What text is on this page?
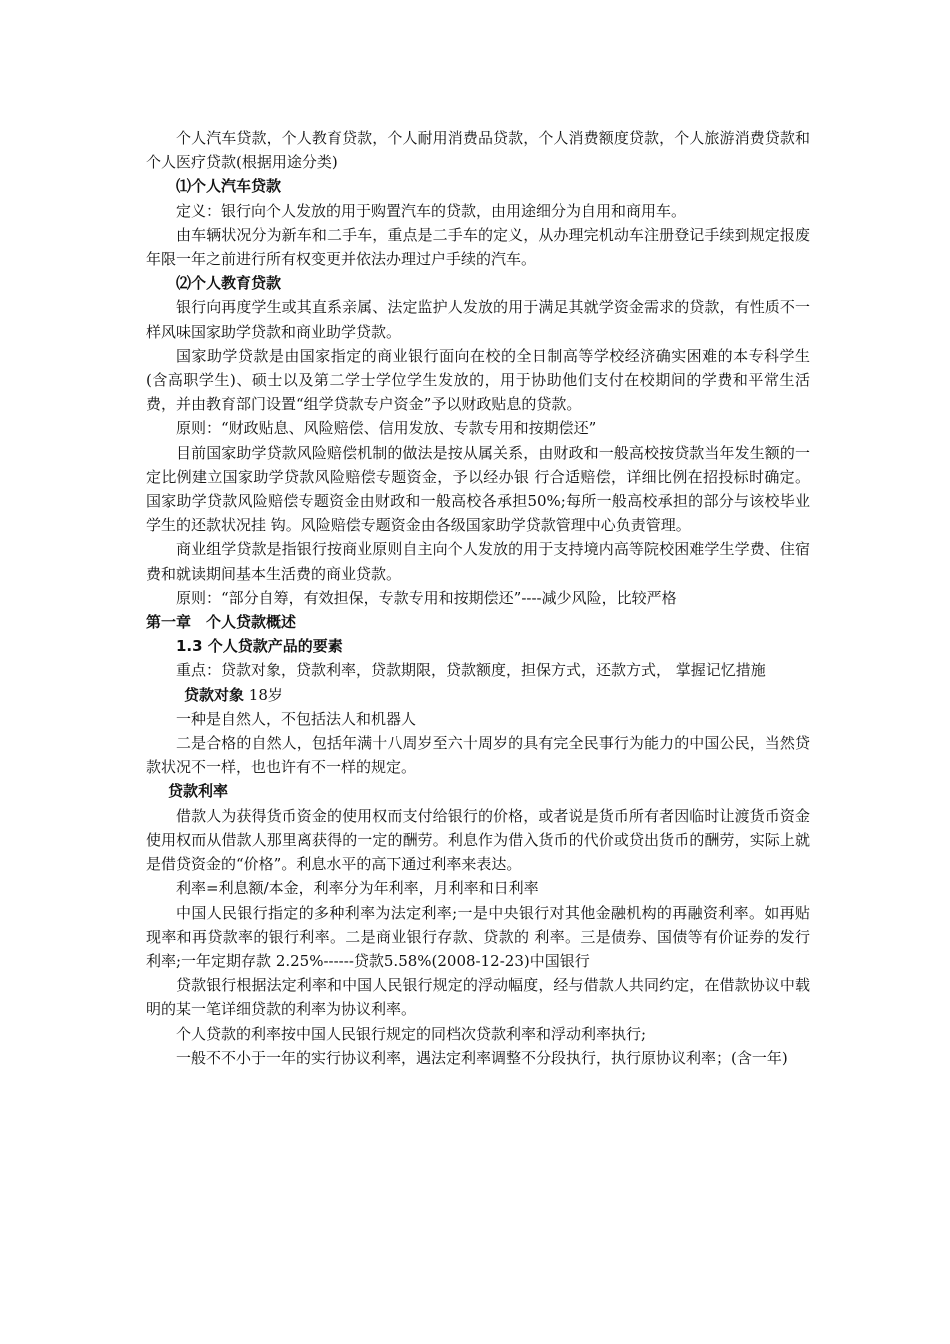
个人汽车贷款，个人教育贷款，个人耐用消费品贷款，个人消费额度贷款，个人旅游消费贷款和个人医疗贷款(根据用途分类)

⑴个人汽车贷款

定义：银行向个人发放的用于购置汽车的贷款，由用途细分为自用和商用车。

由车辆状况分为新车和二手车，重点是二手车的定义，从办理完机动车注册登记手续到规定报废年限一年之前进行所有权变更并依法办理过户手续的汽车。

⑵个人教育贷款

银行向再度学生或其直系亲属、法定监护人发放的用于满足其就学资金需求的贷款，有性质不一样风味国家助学贷款和商业助学贷款。

国家助学贷款是由国家指定的商业银行面向在校的全日制高等学校经济确实困难的本专科学生(含高职学生)、硕士以及第二学士学位学生发放的，用于协助他们支付在校期间的学费和平常生活费，并由教育部门设置“组学贷款专户资金”予以财政贴息的贷款。

原则：“财政贴息、风险赔偿、信用发放、专款专用和按期偿还”

目前国家助学贷款风险赔偿机制的做法是按从属关系，由财政和一般高校按贷款当年发生额的一定比例建立国家助学贷款风险赔偿专题资金，予以经办银 行合适赔偿，详细比例在招投标时确定。国家助学贷款风险赔偿专题资金由财政和一般高校各承担50%;每所一般高校承担的部分与该校毕业学生的还款状况挂 钩。风险赔偿专题资金由各级国家助学贷款管理中心负责管理。

商业组学贷款是指银行按商业原则自主向个人发放的用于支持境内高等院校困难学生学费、住宿费和就读期间基本生活费的商业贷款。

原则：“部分自筹，有效担保，专款专用和按期偿还”----减少风险，比较严格

第一章　个人贷款概述

1.3 个人贷款产品的要素

重点：贷款对象，贷款利率，贷款期限，贷款额度，担保方式，还款方式， 掌握记忆措施

贷款对象 18岁

一种是自然人，不包括法人和机器人

二是合格的自然人，包括年满十八周岁至六十周岁的具有完全民事行为能力的中国公民，当然贷款状况不一样，也也许有不一样的规定。

贷款利率

借款人为获得货币资金的使用权而支付给银行的价格，或者说是货币所有者因临时让渡货币资金使用权而从借款人那里离获得的一定的酬劳。利息作为借入货币的代价或贷出货币的酬劳，实际上就是借贷资金的“价格”。利息水平的高下通过利率来表达。

利率=利息额/本金，利率分为年利率，月利率和日利率

中国人民银行指定的多种利率为法定利率;一是中央银行对其他金融机构的再融资利率。如再贴现率和再贷款率的银行利率。二是商业银行存款、贷款的 利率。三是债券、国债等有价证券的发行利率;一年定期存款 2.25%------贷款5.58%(2008-12-23)中国银行

贷款银行根据法定利率和中国人民银行规定的浮动幅度，经与借款人共同约定，在借款协议中载明的某一笔详细贷款的利率为协议利率。

个人贷款的利率按中国人民银行规定的同档次贷款利率和浮动利率执行;

一般不不小于一年的实行协议利率，遇法定利率调整不分段执行，执行原协议利率；(含一年)
